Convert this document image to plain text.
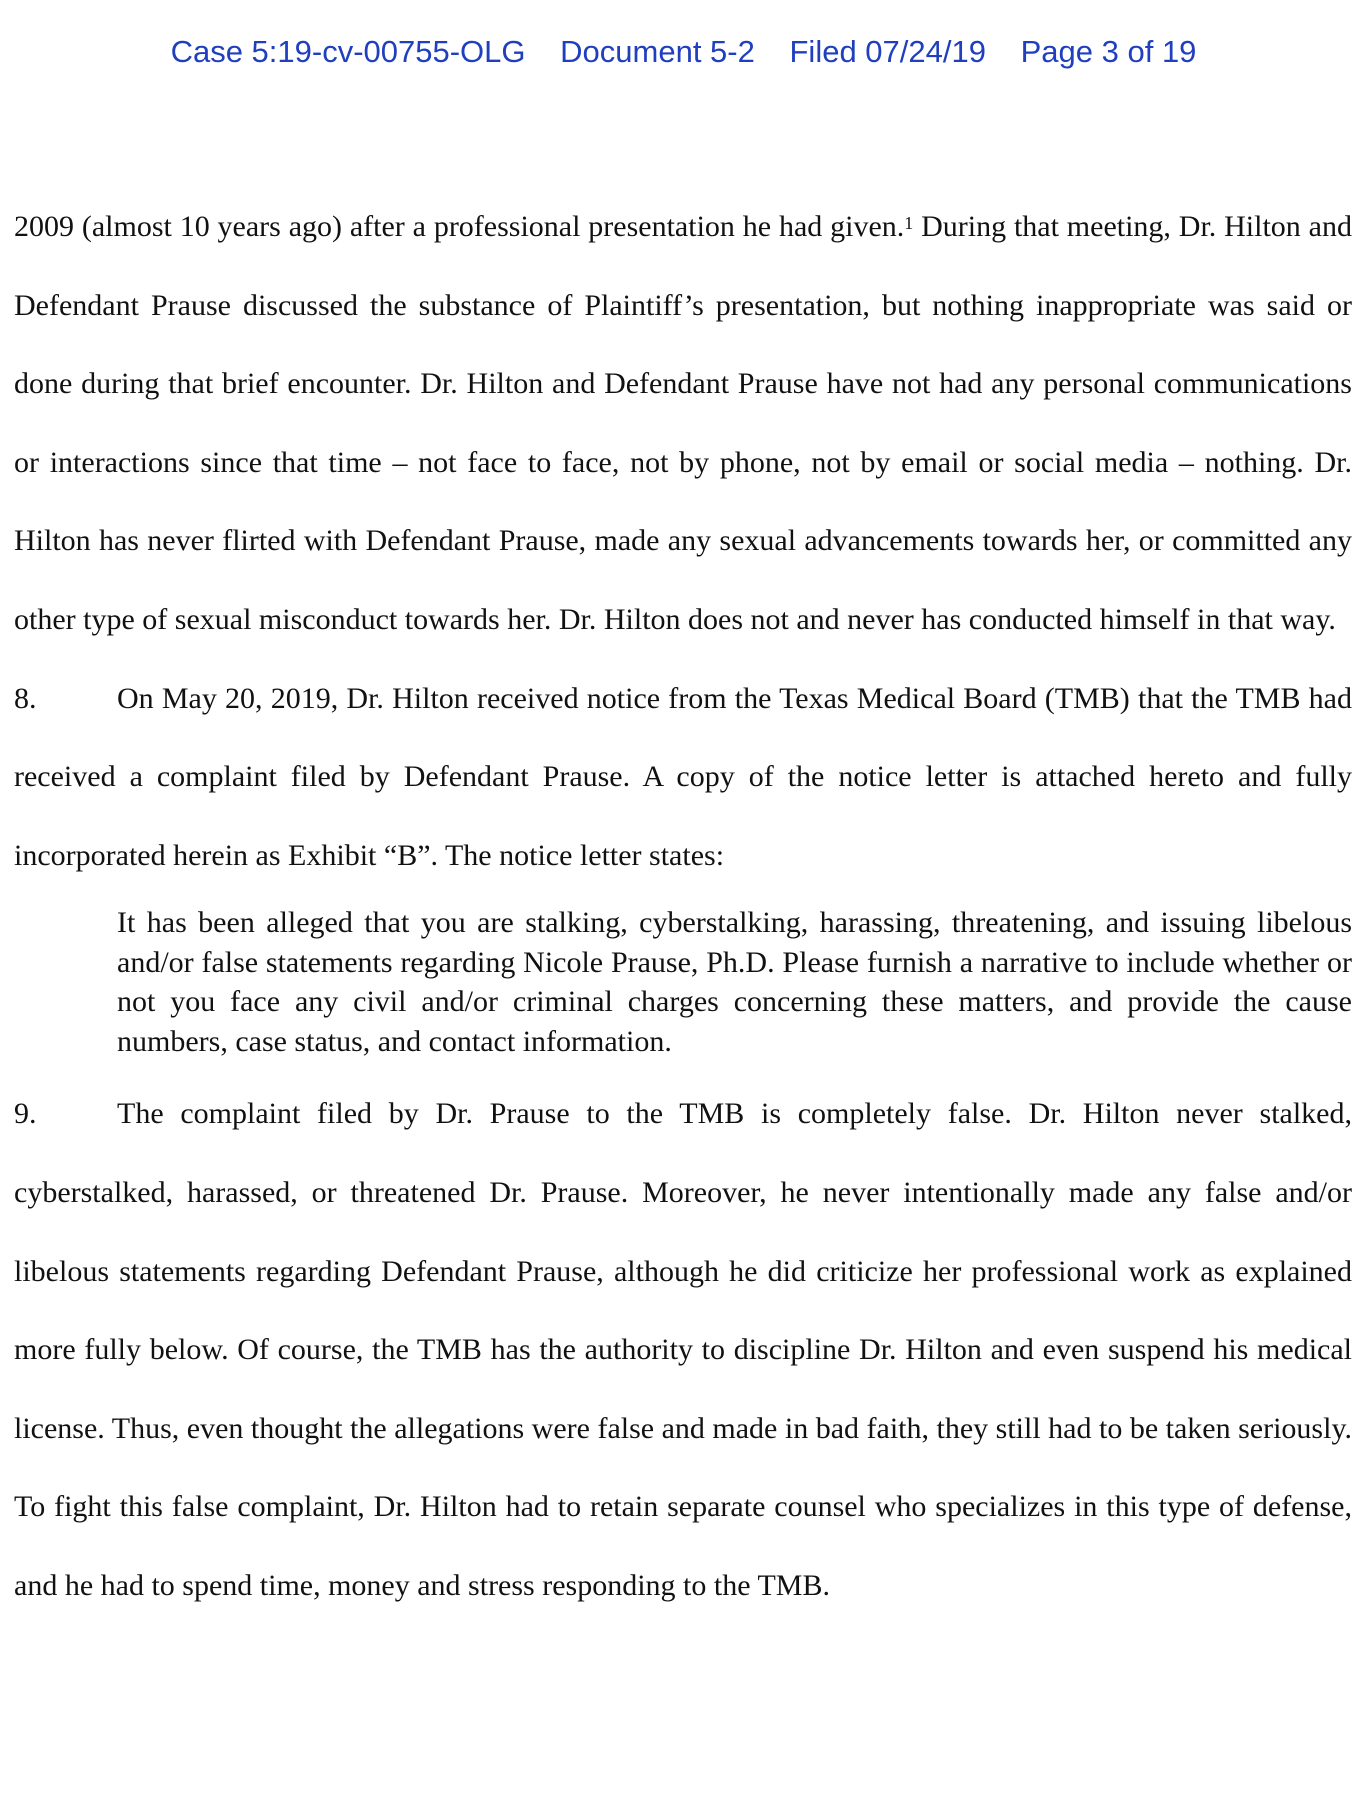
Case 5:19-cv-00755-OLG Document 5-2 Filed 07/24/19 Page 3 of 19

2009 (almost 10 years ago) after a professional presentation he had given.$^1$ During that meeting, Dr. Hilton and Defendant Prause discussed the substance of Plaintiff’s presentation, but nothing inappropriate was said or done during that brief encounter. Dr. Hilton and Defendant Prause have not had any personal communications or interactions since that time – not face to face, not by phone, not by email or social media – nothing. Dr. Hilton has never flirted with Defendant Prause, made any sexual advancements towards her, or committed any other type of sexual misconduct towards her. Dr. Hilton does not and never has conducted himself in that way.

8.	On May 20, 2019, Dr. Hilton received notice from the Texas Medical Board (TMB) that the TMB had received a complaint filed by Defendant Prause. A copy of the notice letter is attached hereto and fully incorporated herein as Exhibit “B”. The notice letter states:

It has been alleged that you are stalking, cyberstalking, harassing, threatening, and issuing libelous and/or false statements regarding Nicole Prause, Ph.D. Please furnish a narrative to include whether or not you face any civil and/or criminal charges concerning these matters, and provide the cause numbers, case status, and contact information.

9.	The complaint filed by Dr. Prause to the TMB is completely false. Dr. Hilton never stalked, cyberstalked, harassed, or threatened Dr. Prause. Moreover, he never intentionally made any false and/or libelous statements regarding Defendant Prause, although he did criticize her professional work as explained more fully below. Of course, the TMB has the authority to discipline Dr. Hilton and even suspend his medical license. Thus, even thought the allegations were false and made in bad faith, they still had to be taken seriously. To fight this false complaint, Dr. Hilton had to retain separate counsel who specializes in this type of defense, and he had to spend time, money and stress responding to the TMB.
